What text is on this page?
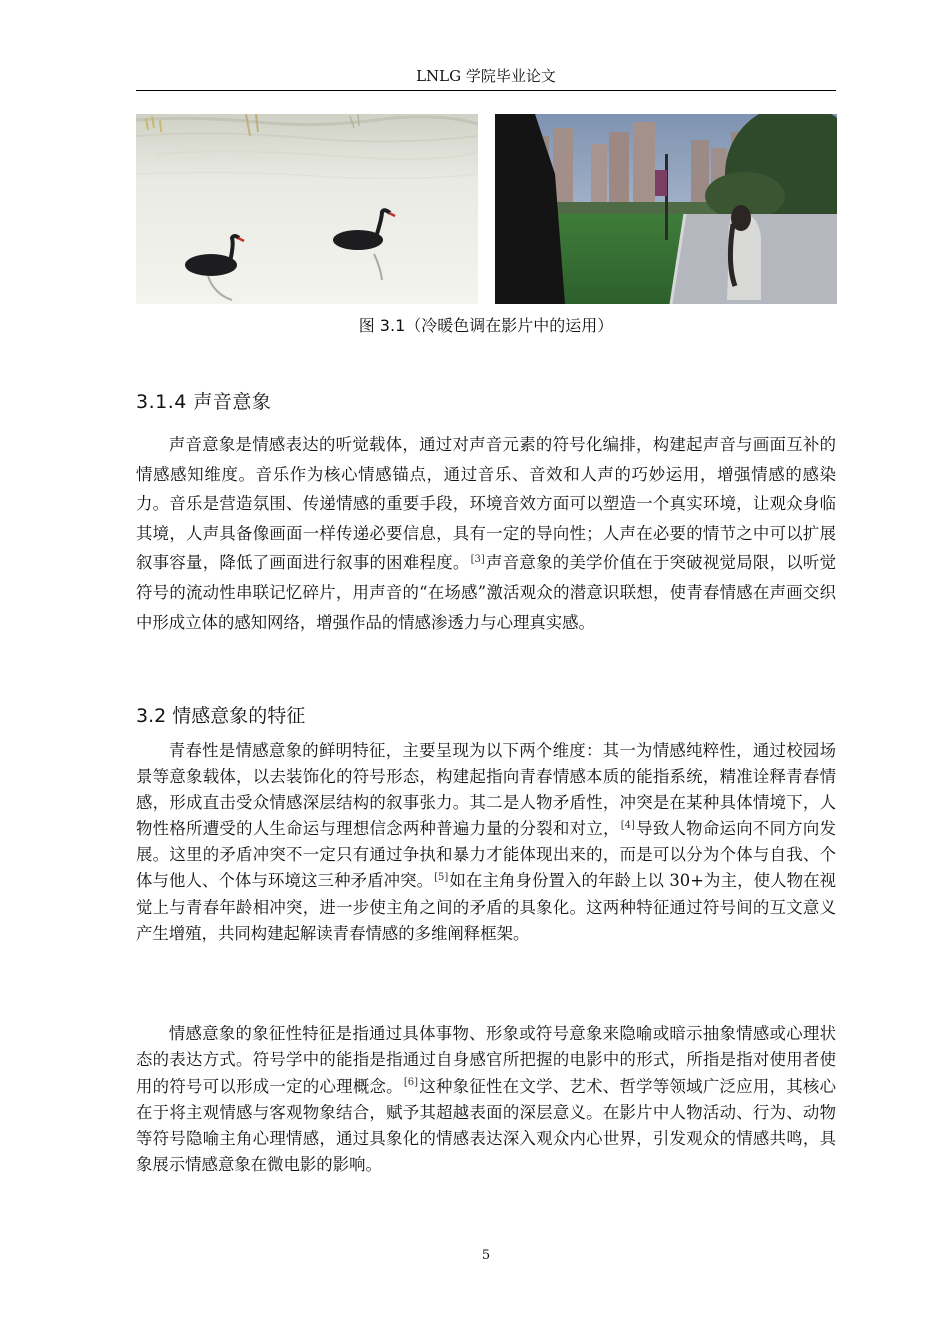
LNLG 学院毕业论文
图 3.1（冷暖色调在影片中的运用）
3.1.4 声音意象

声音意象是情感表达的听觉载体，通过对声音元素的符号化编排，构建起声音与画面互补的情感感知维度。音乐作为核心情感锚点，通过音乐、音效和人声的巧妙运用，增强情感的感染力。音乐是营造氛围、传递情感的重要手段，环境音效方面可以塑造一个真实环境，让观众身临其境，人声具备像画面一样传递必要信息，具有一定的导向性；人声在必要的情节之中可以扩展叙事容量，降低了画面进行叙事的困难程度。[3]声音意象的美学价值在于突破视觉局限，以听觉符号的流动性串联记忆碎片，用声音的“在场感”激活观众的潜意识联想，使青春情感在声画交织中形成立体的感知网络，增强作品的情感渗透力与心理真实感。

3.2 情感意象的特征

青春性是情感意象的鲜明特征，主要呈现为以下两个维度：其一为情感纯粹性，通过校园场景等意象载体，以去装饰化的符号形态，构建起指向青春情感本质的能指系统，精准诠释青春情感，形成直击受众情感深层结构的叙事张力。其二是人物矛盾性，冲突是在某种具体情境下，人物性格所遭受的人生命运与理想信念两种普遍力量的分裂和对立，[4]导致人物命运向不同方向发展。这里的矛盾冲突不一定只有通过争执和暴力才能体现出来的，而是可以分为个体与自我、个体与他人、个体与环境这三种矛盾冲突。[5]如在主角身份置入的年龄上以 30+为主，使人物在视觉上与青春年龄相冲突，进一步使主角之间的矛盾的具象化。这两种特征通过符号间的互文意义产生增殖，共同构建起解读青春情感的多维阐释框架。

情感意象的象征性特征是指通过具体事物、形象或符号意象来隐喻或暗示抽象情感或心理状态的表达方式。符号学中的能指是指通过自身感官所把握的电影中的形式，所指是指对使用者使用的符号可以形成一定的心理概念。[6]这种象征性在文学、艺术、哲学等领域广泛应用，其核心在于将主观情感与客观物象结合，赋予其超越表面的深层意义。在影片中人物活动、行为、动物等符号隐喻主角心理情感，通过具象化的情感表达深入观众内心世界，引发观众的情感共鸣，具象展示情感意象在微电影的影响。

5
